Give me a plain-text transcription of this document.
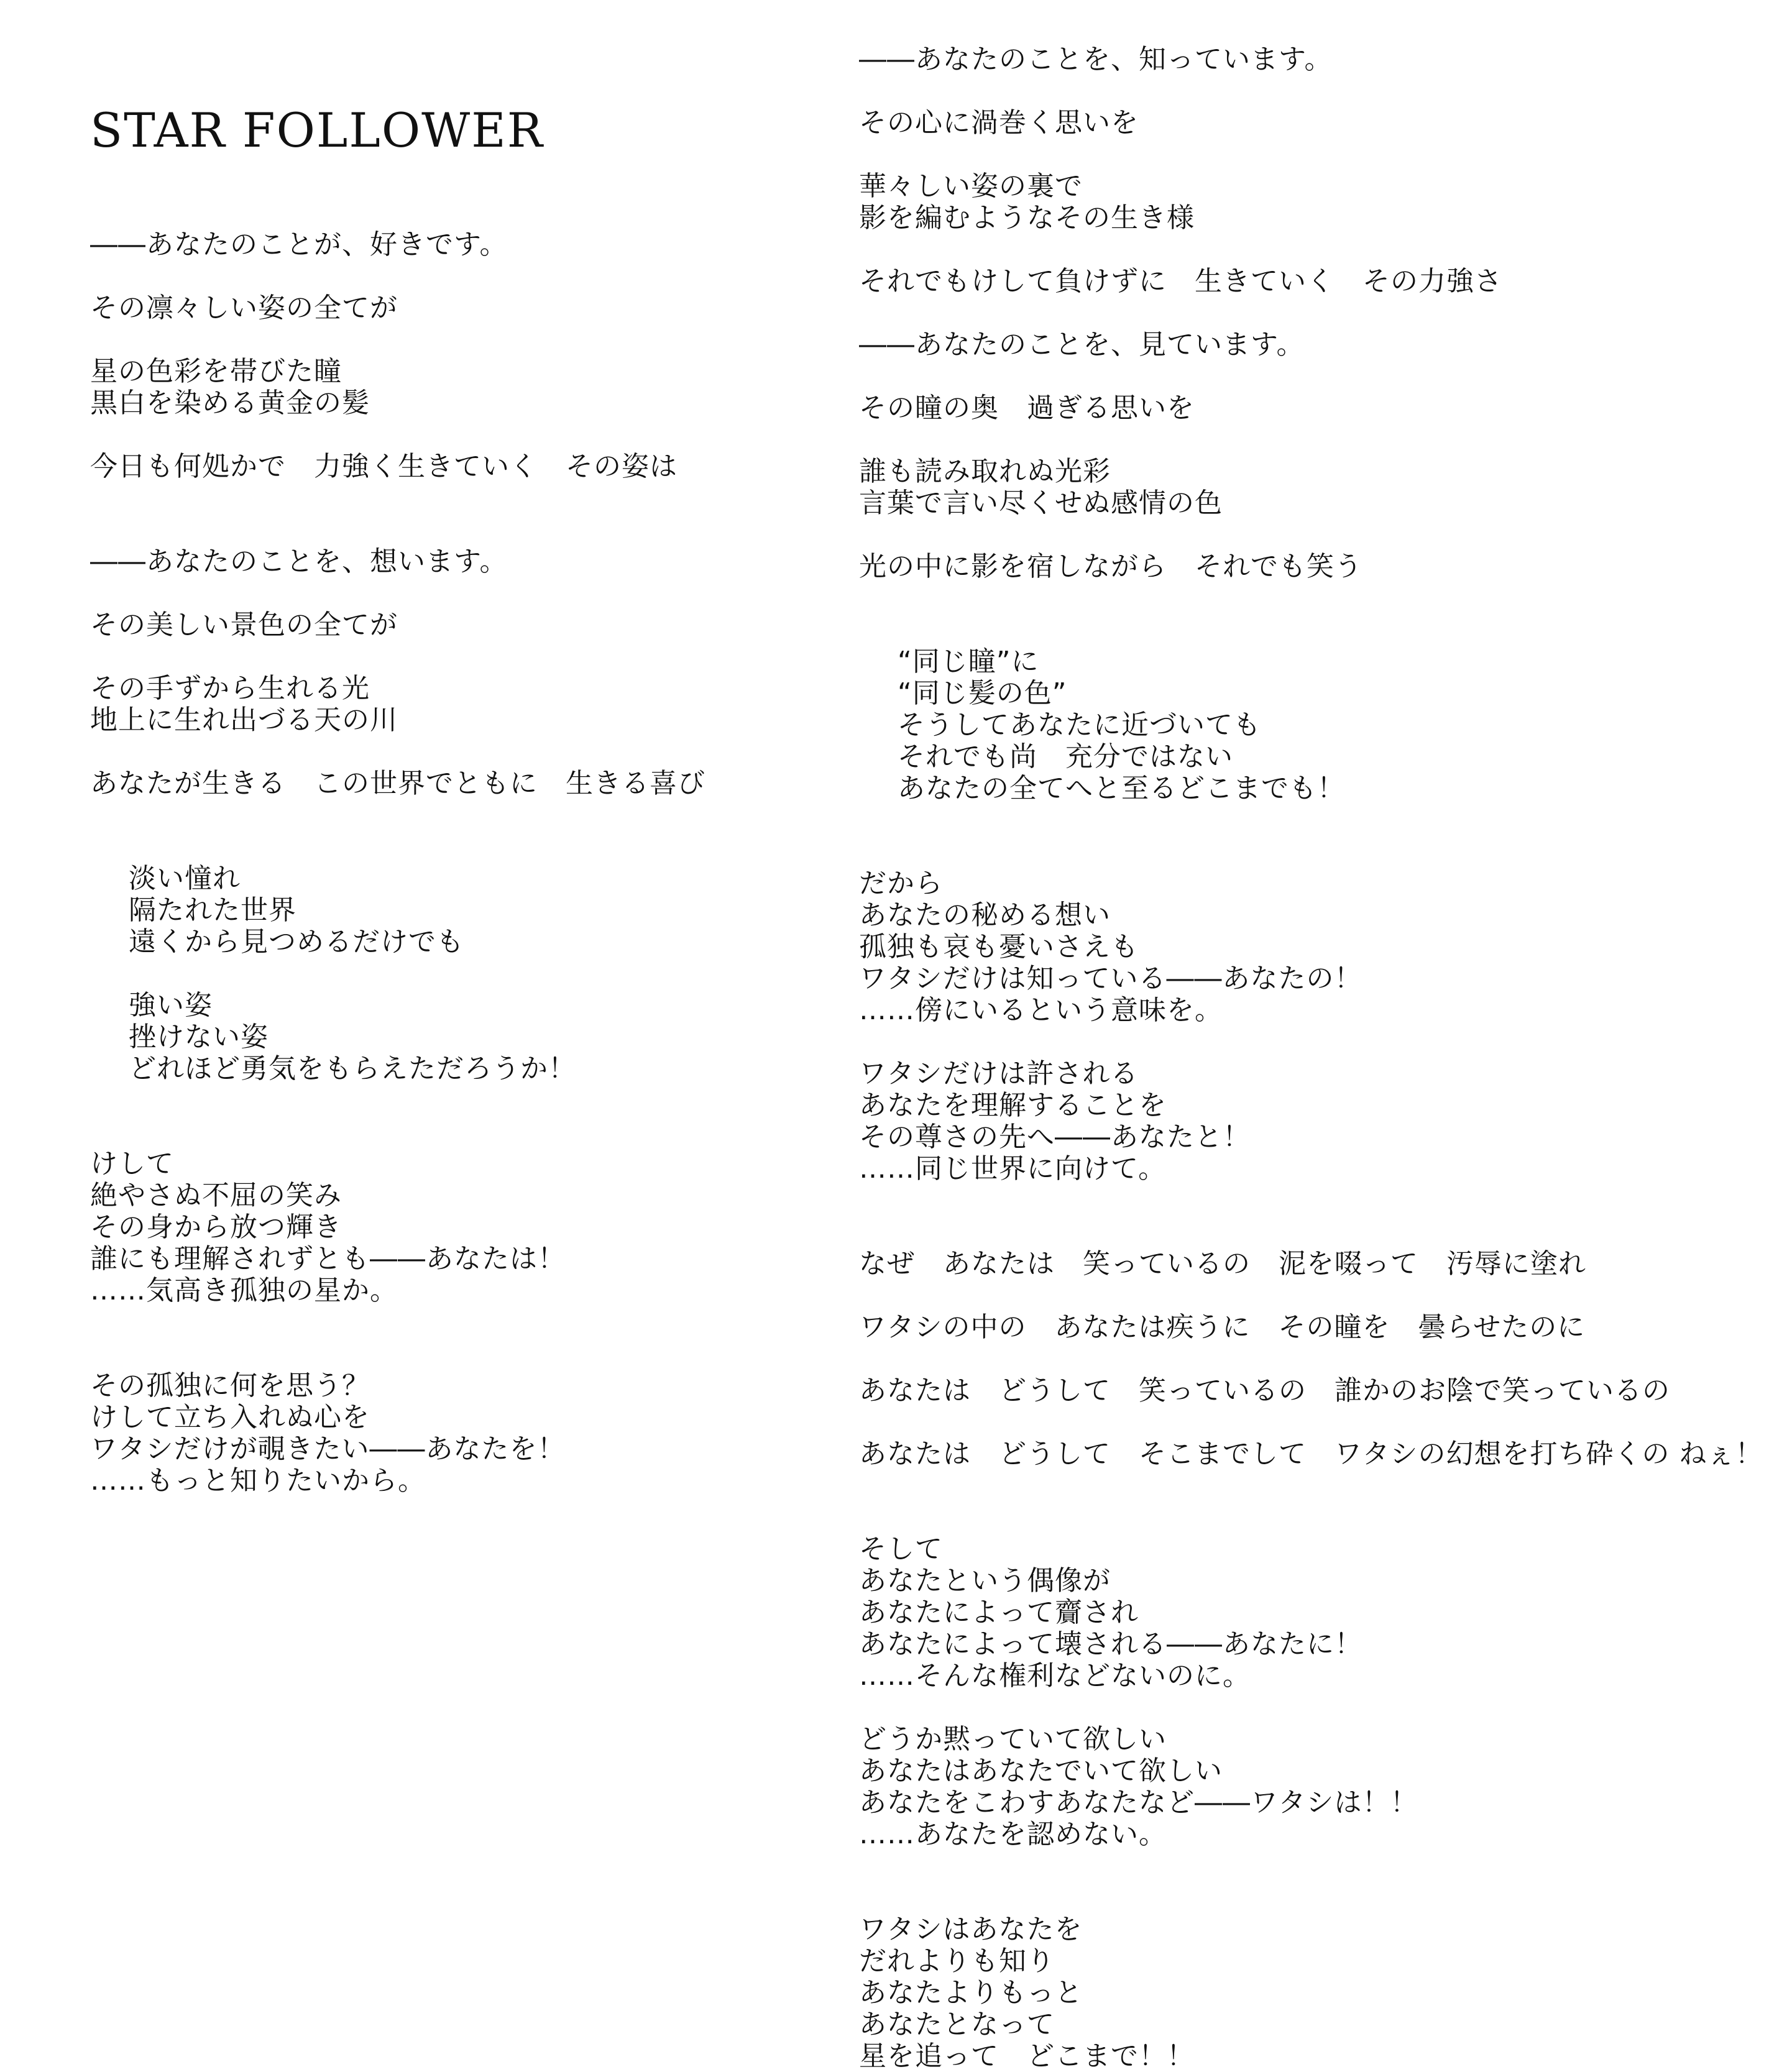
STAR FOLLOWER
――あなたのことが、好きです。
その凛々しい姿の全てが
星の色彩を帯びた瞳
黒白を染める黄金の髪
今日も何処かで　力強く生きていく　その姿は
――あなたのことを、想います。
その美しい景色の全てが
その手ずから生れる光
地上に生れ出づる天の川
あなたが生きる　この世界でともに　生きる喜び
淡い憧れ
隔たれた世界
遠くから見つめるだけでも
強い姿
挫けない姿
どれほど勇気をもらえただろうか！
けして
絶やさぬ不屈の笑み
その身から放つ輝き
誰にも理解されずとも――あなたは！
……気高き孤独の星か。
その孤独に何を思う？
けして立ち入れぬ心を
ワタシだけが覗きたい――あなたを！
……もっと知りたいから。
――あなたのことを、知っています。
その心に渦巻く思いを
華々しい姿の裏で
影を編むようなその生き様
それでもけして負けずに　生きていく　その力強さ
――あなたのことを、見ています。
その瞳の奥　過ぎる思いを
誰も読み取れぬ光彩
言葉で言い尽くせぬ感情の色
光の中に影を宿しながら　それでも笑う
“同じ瞳”に
“同じ髪の色”
そうしてあなたに近づいても
それでも尚　充分ではない
あなたの全てへと至るどこまでも！
だから
あなたの秘める想い
孤独も哀も憂いさえも
ワタシだけは知っている――あなたの！
……傍にいるという意味を。
ワタシだけは許される
あなたを理解することを
その尊さの先へ――あなたと！
……同じ世界に向けて。
なぜ　あなたは　笑っているの　泥を啜って　汚辱に塗れ
ワタシの中の　あなたは疾うに　その瞳を　曇らせたのに
あなたは　どうして　笑っているの　誰かのお陰で笑っているの
あなたは　どうして　そこまでして　ワタシの幻想を打ち砕くの ねぇ！
そして
あなたという偶像が
あなたによって齎され
あなたによって壊される――あなたに！
……そんな権利などないのに。
どうか黙っていて欲しい
あなたはあなたでいて欲しい
あなたをこわすあなたなど――ワタシは！！
……あなたを認めない。
ワタシはあなたを
だれよりも知り
あなたよりもっと
あなたとなって
星を追って　どこまで！！
